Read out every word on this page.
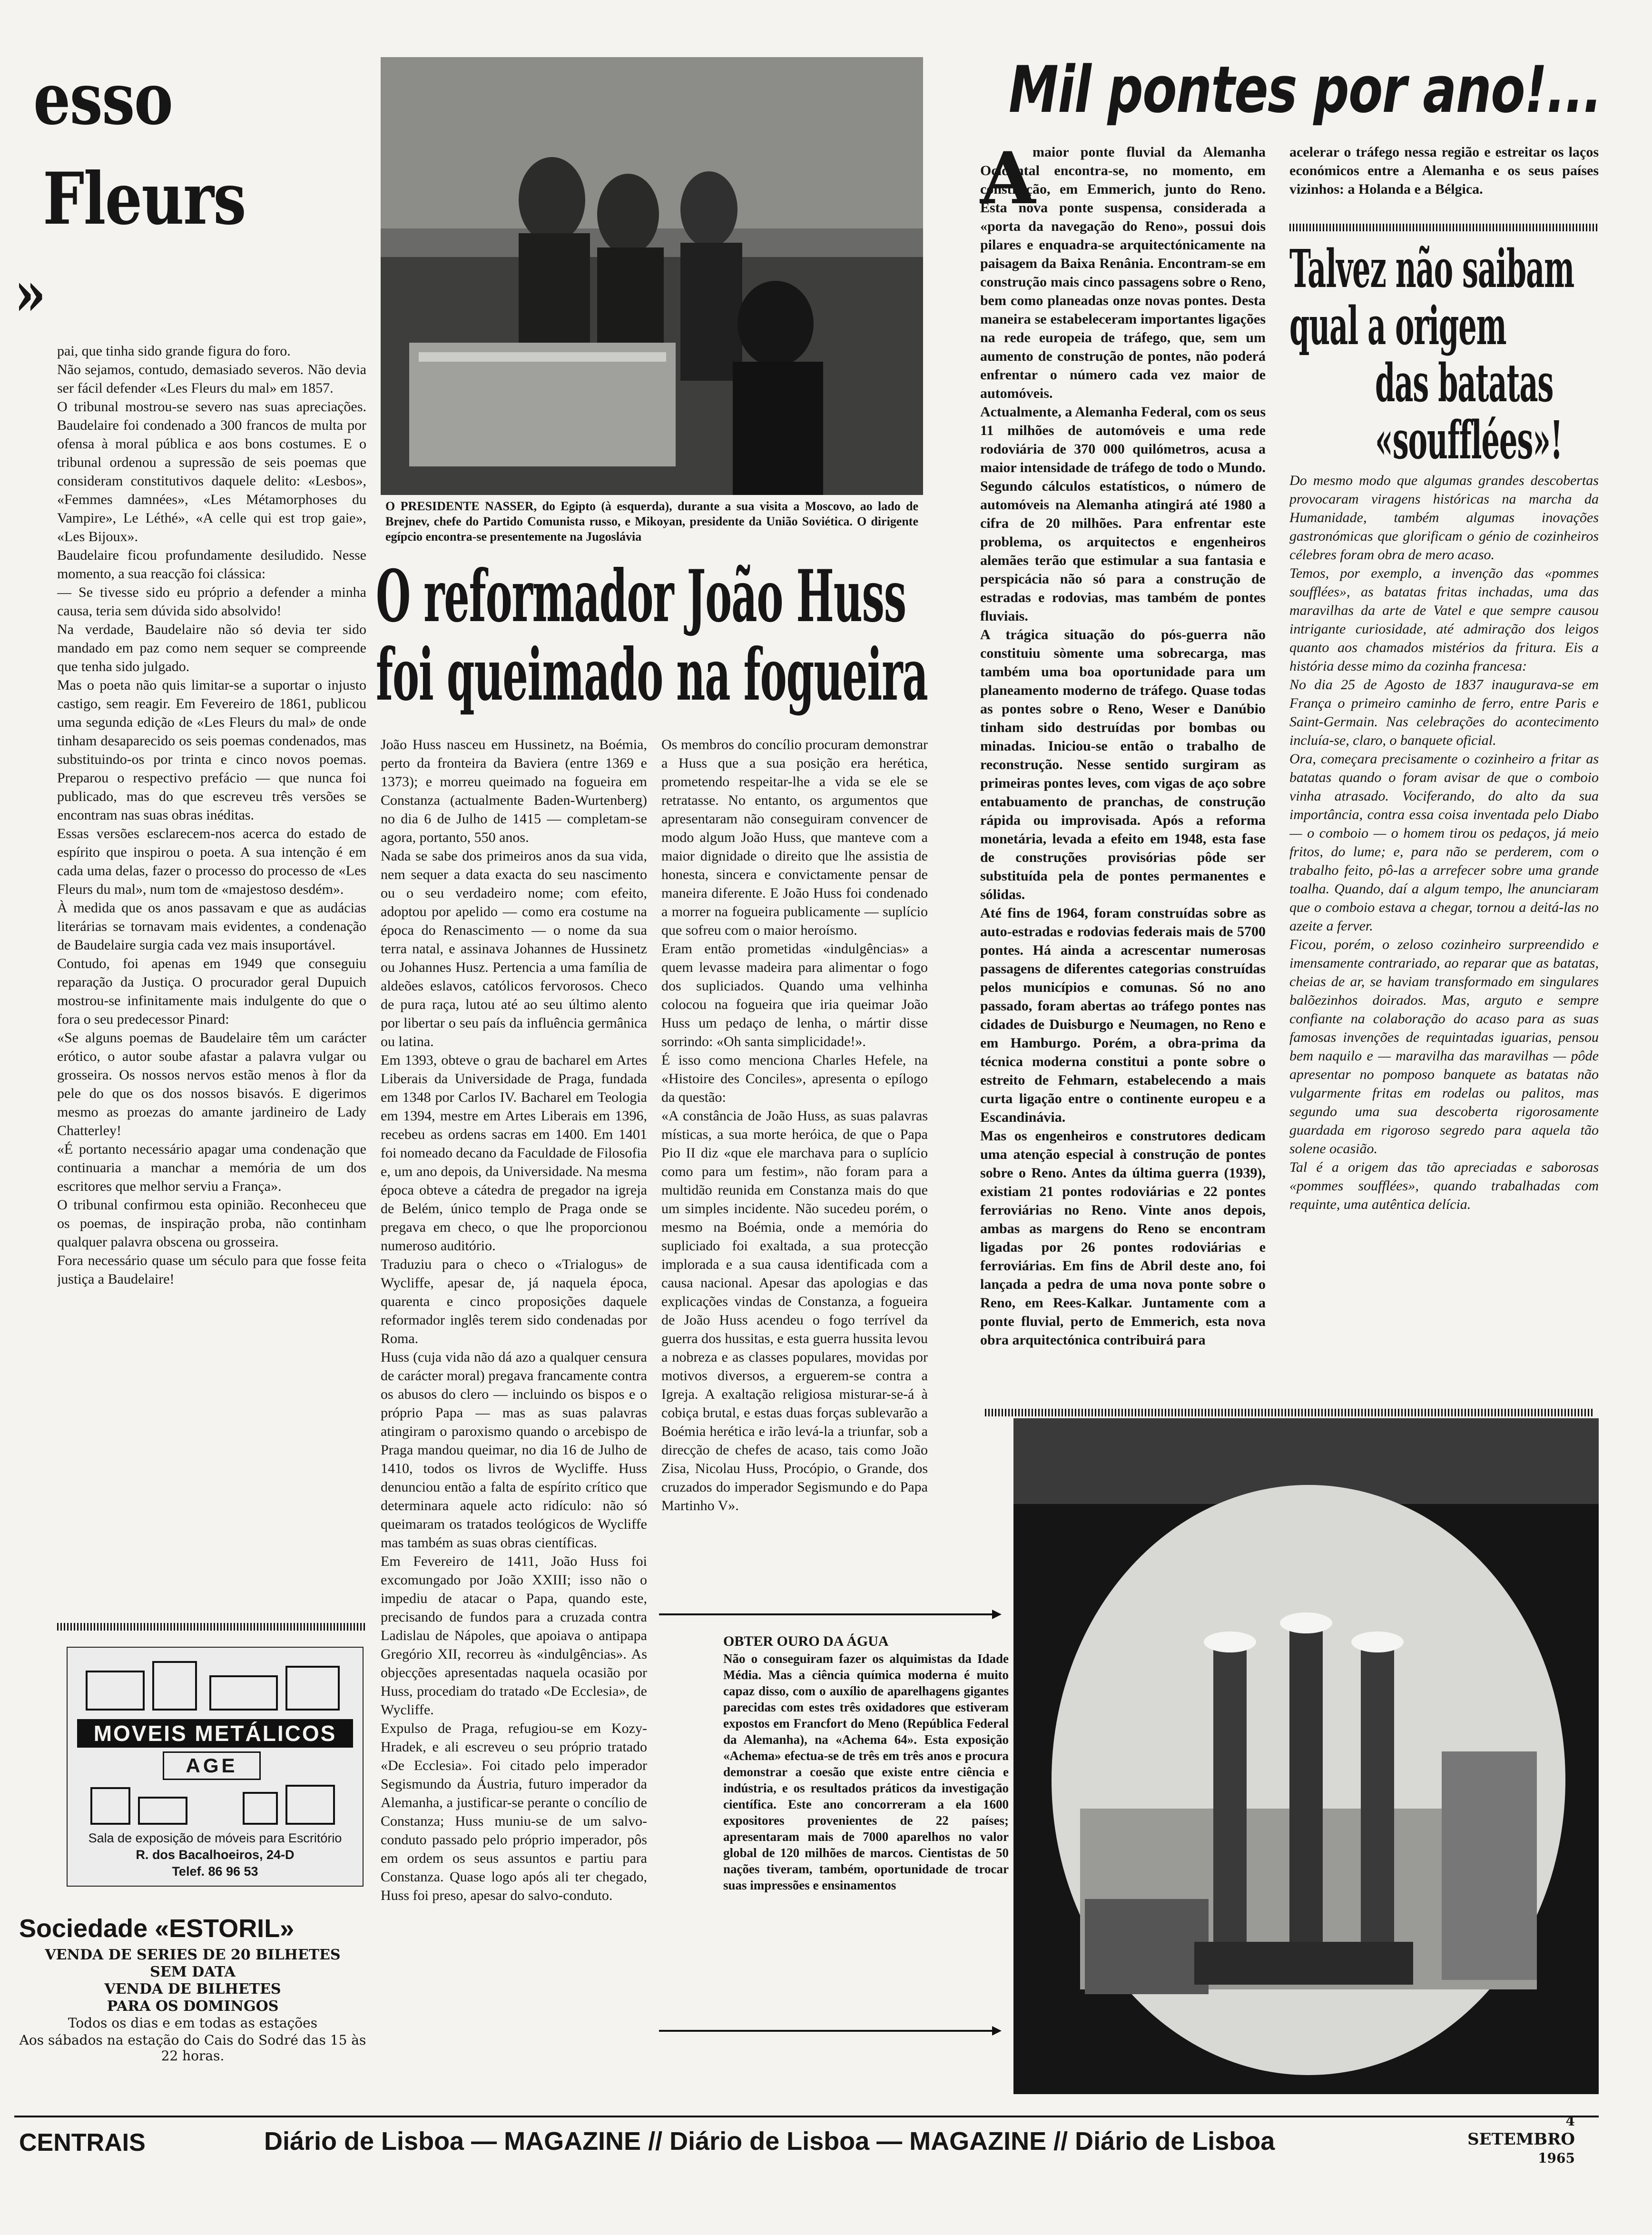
esso
Fleurs
»
pai, que tinha sido grande figura do foro.
Não sejamos, contudo, demasiado severos. Não devia ser fácil defender «Les Fleurs du mal» em 1857.
O tribunal mostrou-se severo nas suas apreciações. Baudelaire foi condenado a 300 francos de multa por ofensa à moral pública e aos bons costumes. E o tribunal ordenou a supressão de seis poemas que consideram constitutivos daquele delito: «Lesbos», «Femmes damnées», «Les Métamorphoses du Vampire», Le Léthé», «A celle qui est trop gaie», «Les Bijoux».
Baudelaire ficou profundamente desiludido. Nesse momento, a sua reacção foi clássica:
— Se tivesse sido eu próprio a defender a minha causa, teria sem dúvida sido absolvido!
Na verdade, Baudelaire não só devia ter sido mandado em paz como nem sequer se compreende que tenha sido julgado.
Mas o poeta não quis limitar-se a suportar o injusto castigo, sem reagir. Em Fevereiro de 1861, publicou uma segunda edição de «Les Fleurs du mal» de onde tinham desaparecido os seis poemas condenados, mas substituindo-os por trinta e cinco novos poemas. Preparou o respectivo prefácio — que nunca foi publicado, mas do que escreveu três versões se encontram nas suas obras inéditas.
Essas versões esclarecem-nos acerca do estado de espírito que inspirou o poeta. A sua intenção é em cada uma delas, fazer o processo do processo de «Les Fleurs du mal», num tom de «majestoso desdém».
À medida que os anos passavam e que as audácias literárias se tornavam mais evidentes, a condenação de Baudelaire surgia cada vez mais insuportável.
Contudo, foi apenas em 1949 que conseguiu reparação da Justiça. O procurador geral Dupuich mostrou-se infinitamente mais indulgente do que o fora o seu predecessor Pinard:
«Se alguns poemas de Baudelaire têm um carácter erótico, o autor soube afastar a palavra vulgar ou grosseira. Os nossos nervos estão menos à flor da pele do que os dos nossos bisavós. E digerimos mesmo as proezas do amante jardineiro de Lady Chatterley!
«É portanto necessário apagar uma condenação que continuaria a manchar a memória de um dos escritores que melhor serviu a França».
O tribunal confirmou esta opinião. Reconheceu que os poemas, de inspiração proba, não continham qualquer palavra obscena ou grosseira.
Fora necessário quase um século para que fosse feita justiça a Baudelaire!
MOVEIS METÁLICOS
AGE
Sala de exposição de móveis para Escritório
R. dos Bacalhoeiros, 24-D
Telef. 86 96 53
Sociedade «ESTORIL»
VENDA DE SERIES DE 20 BILHETES
SEM DATA
VENDA DE BILHETES
PARA OS DOMINGOS
Todos os dias e em todas as estações
Aos sábados na estação do Cais do Sodré das 15 às 22 horas.
O PRESIDENTE NASSER, do Egipto (à esquerda), durante a sua visita a Moscovo, ao lado de Brejnev, chefe do Partido Comunista russo, e Mikoyan, presidente da União Soviética. O dirigente egípcio encontra-se presentemente na Jugoslávia
O reformador João Huss
foi queimado na fogueira
João Huss nasceu em Hussinetz, na Boémia, perto da fronteira da Baviera (entre 1369 e 1373); e morreu queimado na fogueira em Constanza (actualmente Baden-Wurtenberg) no dia 6 de Julho de 1415 — completam-se agora, portanto, 550 anos.
Nada se sabe dos primeiros anos da sua vida, nem sequer a data exacta do seu nascimento ou o seu verdadeiro nome; com efeito, adoptou por apelido — como era costume na época do Renascimento — o nome da sua terra natal, e assinava Johannes de Hussinetz ou Johannes Husz. Pertencia a uma família de aldeões eslavos, católicos fervorosos. Checo de pura raça, lutou até ao seu último alento por libertar o seu país da influência germânica ou latina.
Em 1393, obteve o grau de bacharel em Artes Liberais da Universidade de Praga, fundada em 1348 por Carlos IV. Bacharel em Teologia em 1394, mestre em Artes Liberais em 1396, recebeu as ordens sacras em 1400. Em 1401 foi nomeado decano da Faculdade de Filosofia e, um ano depois, da Universidade. Na mesma época obteve a cátedra de pregador na igreja de Belém, único templo de Praga onde se pregava em checo, o que lhe proporcionou numeroso auditório.
Traduziu para o checo o «Trialogus» de Wycliffe, apesar de, já naquela época, quarenta e cinco proposições daquele reformador inglês terem sido condenadas por Roma.
Huss (cuja vida não dá azo a qualquer censura de carácter moral) pregava francamente contra os abusos do clero — incluindo os bispos e o próprio Papa — mas as suas palavras atingiram o paroxismo quando o arcebispo de Praga mandou queimar, no dia 16 de Julho de 1410, todos os livros de Wycliffe. Huss denunciou então a falta de espírito crítico que determinara aquele acto ridículo: não só queimaram os tratados teológicos de Wycliffe mas também as suas obras científicas.
Em Fevereiro de 1411, João Huss foi excomungado por João XXIII; isso não o impediu de atacar o Papa, quando este, precisando de fundos para a cruzada contra Ladislau de Nápoles, que apoiava o antipapa Gregório XII, recorreu às «indulgências». As objecções apresentadas naquela ocasião por Huss, procediam do tratado «De Ecclesia», de Wycliffe.
Expulso de Praga, refugiou-se em Kozy-Hradek, e ali escreveu o seu próprio tratado «De Ecclesia». Foi citado pelo imperador Segismundo da Áustria, futuro imperador da Alemanha, a justificar-se perante o concílio de Constanza; Huss muniu-se de um salvo-conduto passado pelo próprio imperador, pôs em ordem os seus assuntos e partiu para Constanza. Quase logo após ali ter chegado, Huss foi preso, apesar do salvo-conduto.
Os membros do concílio procuram demonstrar a Huss que a sua posição era herética, prometendo respeitar-lhe a vida se ele se retratasse. No entanto, os argumentos que apresentaram não conseguiram convencer de modo algum João Huss, que manteve com a maior dignidade o direito que lhe assistia de honesta, sincera e convictamente pensar de maneira diferente. E João Huss foi condenado a morrer na fogueira publicamente — suplício que sofreu com o maior heroísmo.
Eram então prometidas «indulgências» a quem levasse madeira para alimentar o fogo dos supliciados. Quando uma velhinha colocou na fogueira que iria queimar João Huss um pedaço de lenha, o mártir disse sorrindo: «Oh santa simplicidade!».
É isso como menciona Charles Hefele, na «Histoire des Conciles», apresenta o epílogo da questão:
«A constância de João Huss, as suas palavras místicas, a sua morte heróica, de que o Papa Pio II diz «que ele marchava para o suplício como para um festim», não foram para a multidão reunida em Constanza mais do que um simples incidente. Não sucedeu porém, o mesmo na Boémia, onde a memória do supliciado foi exaltada, a sua protecção implorada e a sua causa identificada com a causa nacional. Apesar das apologias e das explicações vindas de Constanza, a fogueira de João Huss acendeu o fogo terrível da guerra dos hussitas, e esta guerra hussita levou a nobreza e as classes populares, movidas por motivos diversos, a erguerem-se contra a Igreja. A exaltação religiosa misturar-se-á à cobiça brutal, e estas duas forças sublevarão a Boémia herética e irão levá-la a triunfar, sob a direcção de chefes de acaso, tais como João Zisa, Nicolau Huss, Procópio, o Grande, dos cruzados do imperador Segismundo e do Papa Martinho V».
OBTER OURO DA ÁGUA
Não o conseguiram fazer os alquimistas da Idade Média. Mas a ciência química moderna é muito capaz disso, com o auxílio de aparelhagens gigantes parecidas com estes três oxidadores que estiveram expostos em Francfort do Meno (República Federal da Alemanha), na «Achema 64». Esta exposição «Achema» efectua-se de três em três anos e procura demonstrar a coesão que existe entre ciência e indústria, e os resultados práticos da investigação científica. Este ano concorreram a ela 1600 expositores provenientes de 22 países; apresentaram mais de 7000 aparelhos no valor global de 120 milhões de marcos. Cientistas de 50 nações tiveram, também, oportunidade de trocar suas impressões e ensinamentos
Mil pontes por ano!...
A
maior ponte fluvial da Alemanha Ocidental encontra-se, no momento, em construção, em Emmerich, junto do Reno. Esta nova ponte suspensa, considerada a «porta da navegação do Reno», possui dois pilares e enquadra-se arquitectónicamente na paisagem da Baixa Renânia. Encontram-se em construção mais cinco passagens sobre o Reno, bem como planeadas onze novas pontes. Desta maneira se estabeleceram importantes ligações na rede europeia de tráfego, que, sem um aumento de construção de pontes, não poderá enfrentar o número cada vez maior de automóveis.
Actualmente, a Alemanha Federal, com os seus 11 milhões de automóveis e uma rede rodoviária de 370 000 quilómetros, acusa a maior intensidade de tráfego de todo o Mundo. Segundo cálculos estatísticos, o número de automóveis na Alemanha atingirá até 1980 a cifra de 20 milhões. Para enfrentar este problema, os arquitectos e engenheiros alemães terão que estimular a sua fantasia e perspicácia não só para a construção de estradas e rodovias, mas também de pontes fluviais.
A trágica situação do pós-guerra não constituiu sòmente uma sobrecarga, mas também uma boa oportunidade para um planeamento moderno de tráfego. Quase todas as pontes sobre o Reno, Weser e Danúbio tinham sido destruídas por bombas ou minadas. Iniciou-se então o trabalho de reconstrução. Nesse sentido surgiram as primeiras pontes leves, com vigas de aço sobre entabuamento de pranchas, de construção rápida ou improvisada. Após a reforma monetária, levada a efeito em 1948, esta fase de construções provisórias pôde ser substituída pela de pontes permanentes e sólidas.
Até fins de 1964, foram construídas sobre as auto-estradas e rodovias federais mais de 5700 pontes. Há ainda a acrescentar numerosas passagens de diferentes categorias construídas pelos municípios e comunas. Só no ano passado, foram abertas ao tráfego pontes nas cidades de Duisburgo e Neumagen, no Reno e em Hamburgo. Porém, a obra-prima da técnica moderna constitui a ponte sobre o estreito de Fehmarn, estabelecendo a mais curta ligação entre o continente europeu e a Escandinávia.
Mas os engenheiros e construtores dedicam uma atenção especial à construção de pontes sobre o Reno. Antes da última guerra (1939), existiam 21 pontes rodoviárias e 22 pontes ferroviárias no Reno. Vinte anos depois, ambas as margens do Reno se encontram ligadas por 26 pontes rodoviárias e ferroviárias. Em fins de Abril deste ano, foi lançada a pedra de uma nova ponte sobre o Reno, em Rees-Kalkar. Juntamente com a ponte fluvial, perto de Emmerich, esta nova obra arquitectónica contribuirá para
acelerar o tráfego nessa região e estreitar os laços económicos entre a Alemanha e os seus países vizinhos: a Holanda e a Bélgica.
Talvez não saibam
qual a origem
das batatas
«soufflées»!
Do mesmo modo que algumas grandes descobertas provocaram viragens históricas na marcha da Humanidade, também algumas inovações gastronómicas que glorificam o génio de cozinheiros célebres foram obra de mero acaso.
Temos, por exemplo, a invenção das «pommes soufflées», as batatas fritas inchadas, uma das maravilhas da arte de Vatel e que sempre causou intrigante curiosidade, até admiração dos leigos quanto aos chamados mistérios da fritura. Eis a história desse mimo da cozinha francesa:
No dia 25 de Agosto de 1837 inaugurava-se em França o primeiro caminho de ferro, entre Paris e Saint-Germain. Nas celebrações do acontecimento incluía-se, claro, o banquete oficial.
Ora, começara precisamente o cozinheiro a fritar as batatas quando o foram avisar de que o comboio vinha atrasado. Vociferando, do alto da sua importância, contra essa coisa inventada pelo Diabo — o comboio — o homem tirou os pedaços, já meio fritos, do lume; e, para não se perderem, com o trabalho feito, pô-las a arrefecer sobre uma grande toalha. Quando, daí a algum tempo, lhe anunciaram que o comboio estava a chegar, tornou a deitá-las no azeite a ferver.
Ficou, porém, o zeloso cozinheiro surpreendido e imensamente contrariado, ao reparar que as batatas, cheias de ar, se haviam transformado em singulares balõezinhos doirados. Mas, arguto e sempre confiante na colaboração do acaso para as suas famosas invenções de requintadas iguarias, pensou bem naquilo e — maravilha das maravilhas — pôde apresentar no pomposo banquete as batatas não vulgarmente fritas em rodelas ou palitos, mas segundo uma sua descoberta rigorosamente guardada em rigoroso segredo para aquela tão solene ocasião.
Tal é a origem das tão apreciadas e saborosas «pommes soufflées», quando trabalhadas com requinte, uma autêntica delícia.
CENTRAIS	Diário de Lisboa — MAGAZINE // Diário de Lisboa — MAGAZINE // Diário de Lisboa
4
SETEMBRO
1965
